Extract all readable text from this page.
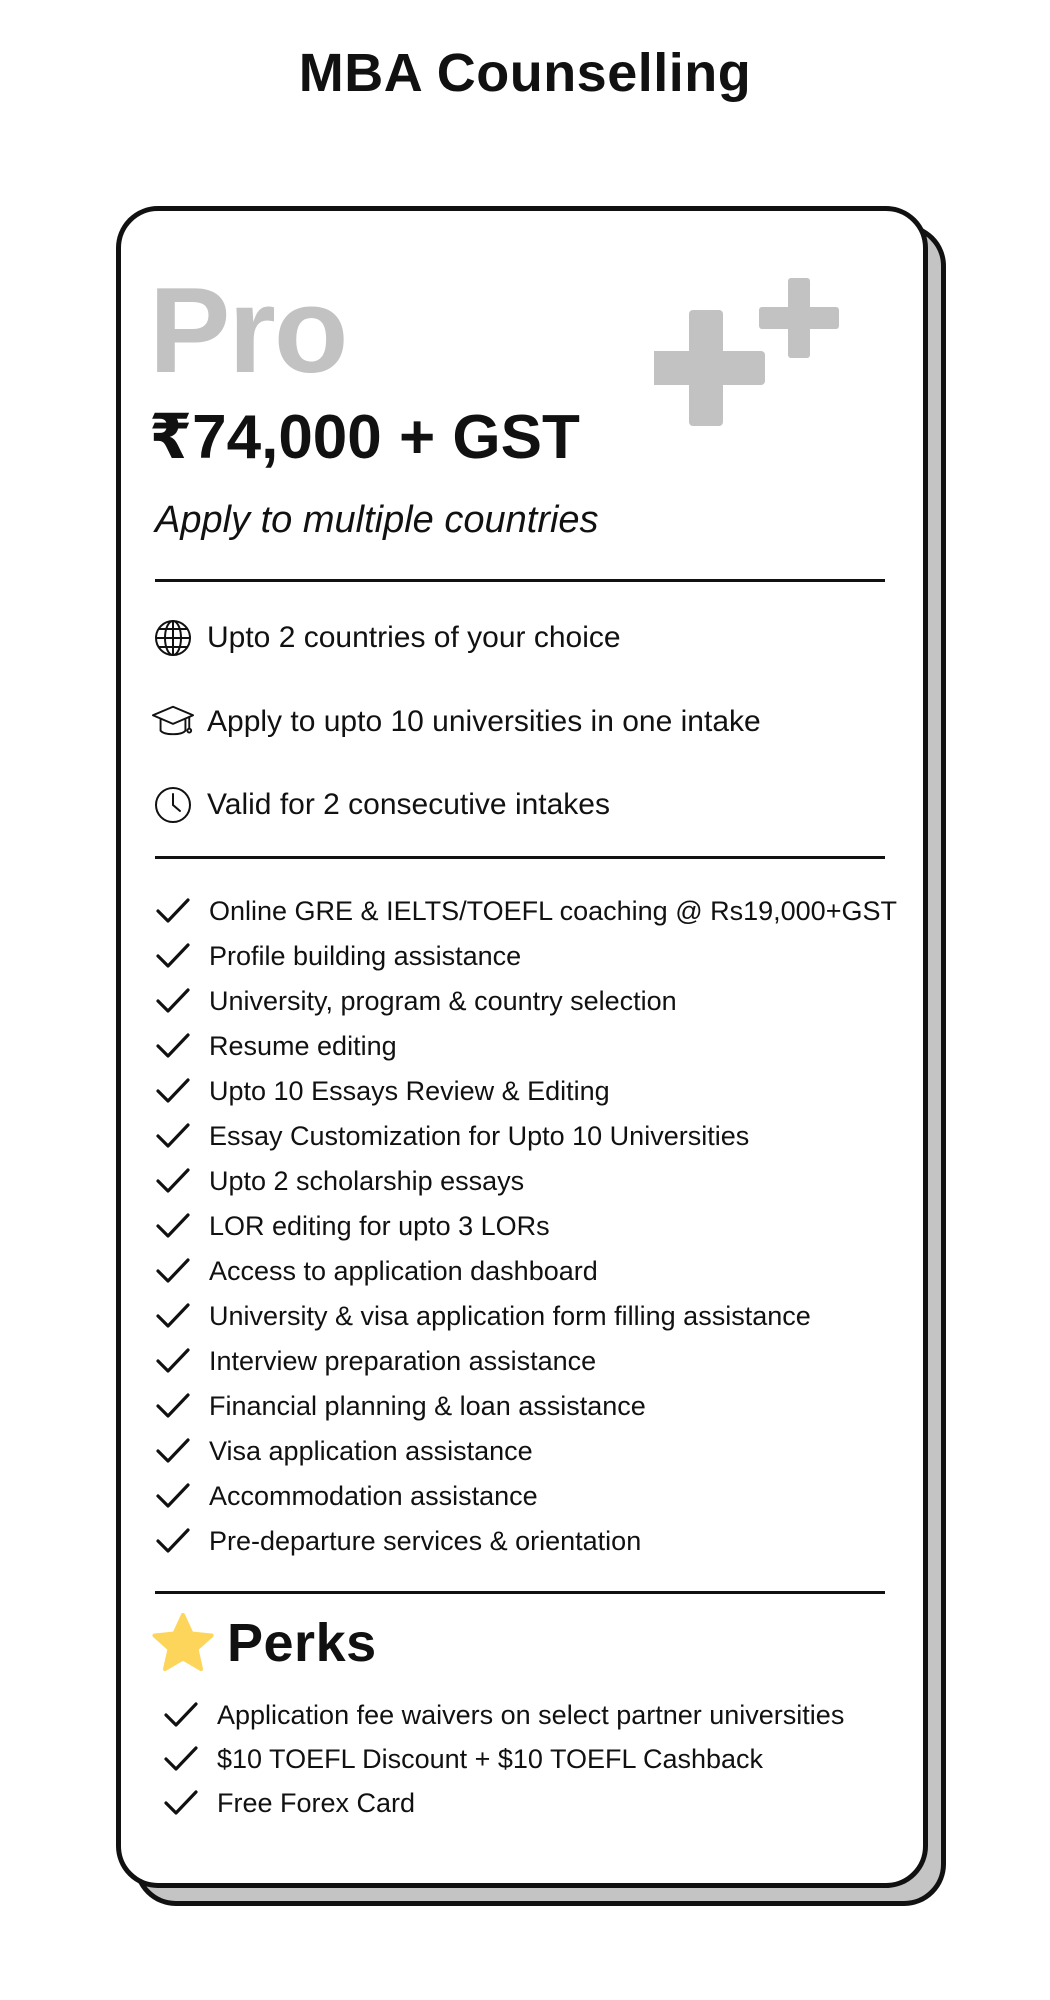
MBA Counselling
Pro
₹74,000 + GST
Apply to multiple countries
Upto 2 countries of your choice
Apply to upto 10 universities in one intake
Valid for 2 consecutive intakes
Online GRE & IELTS/TOEFL coaching @ Rs19,000+GST
Profile building assistance
University, program & country selection
Resume editing
Upto 10 Essays Review & Editing
Essay Customization for Upto 10 Universities
Upto 2 scholarship essays
LOR editing for upto 3 LORs
Access to application dashboard
University & visa application form filling assistance
Interview preparation assistance
Financial planning & loan assistance
Visa application assistance
Accommodation assistance
Pre-departure services & orientation
Perks
Application fee waivers on select partner universities
$10 TOEFL Discount + $10 TOEFL Cashback
Free Forex Card
